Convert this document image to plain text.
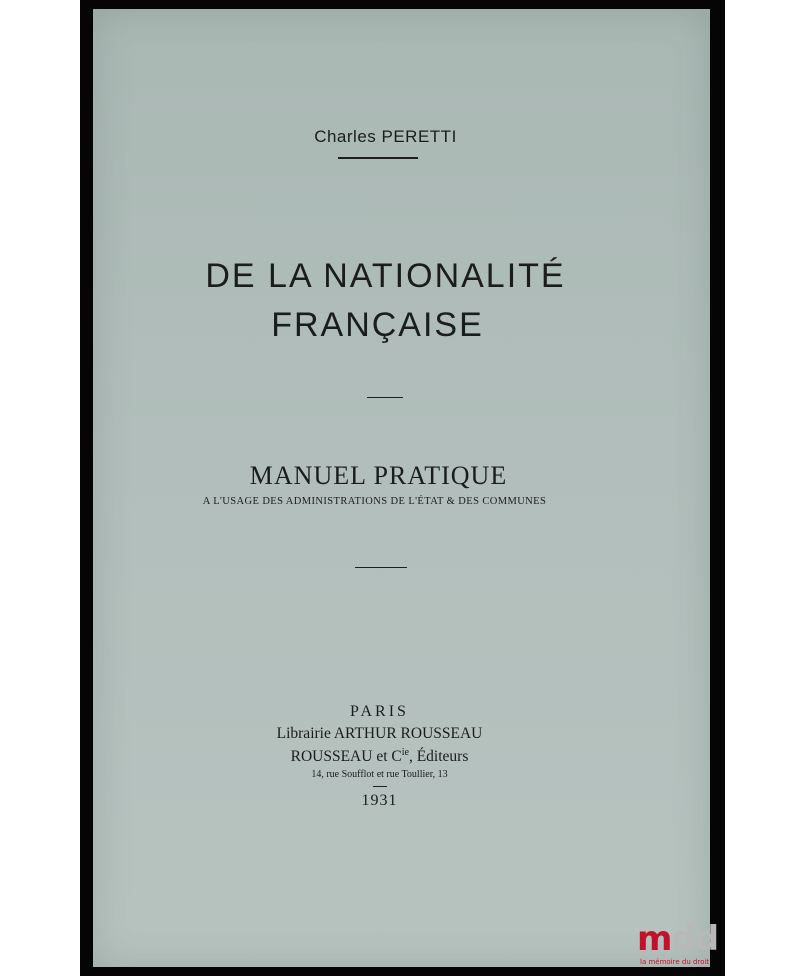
Charles PERETTI
DE LA NATIONALITÉ
FRANÇAISE
MANUEL PRATIQUE
A L'USAGE DES ADMINISTRATIONS DE L'ÉTAT & DES COMMUNES
PARIS
Librairie ARTHUR ROUSSEAU
ROUSSEAU et $C^{ie}$, Éditeurs
14, rue Soufflot et rue Toullier, 13
1931
mdd
la mémoire du droit
